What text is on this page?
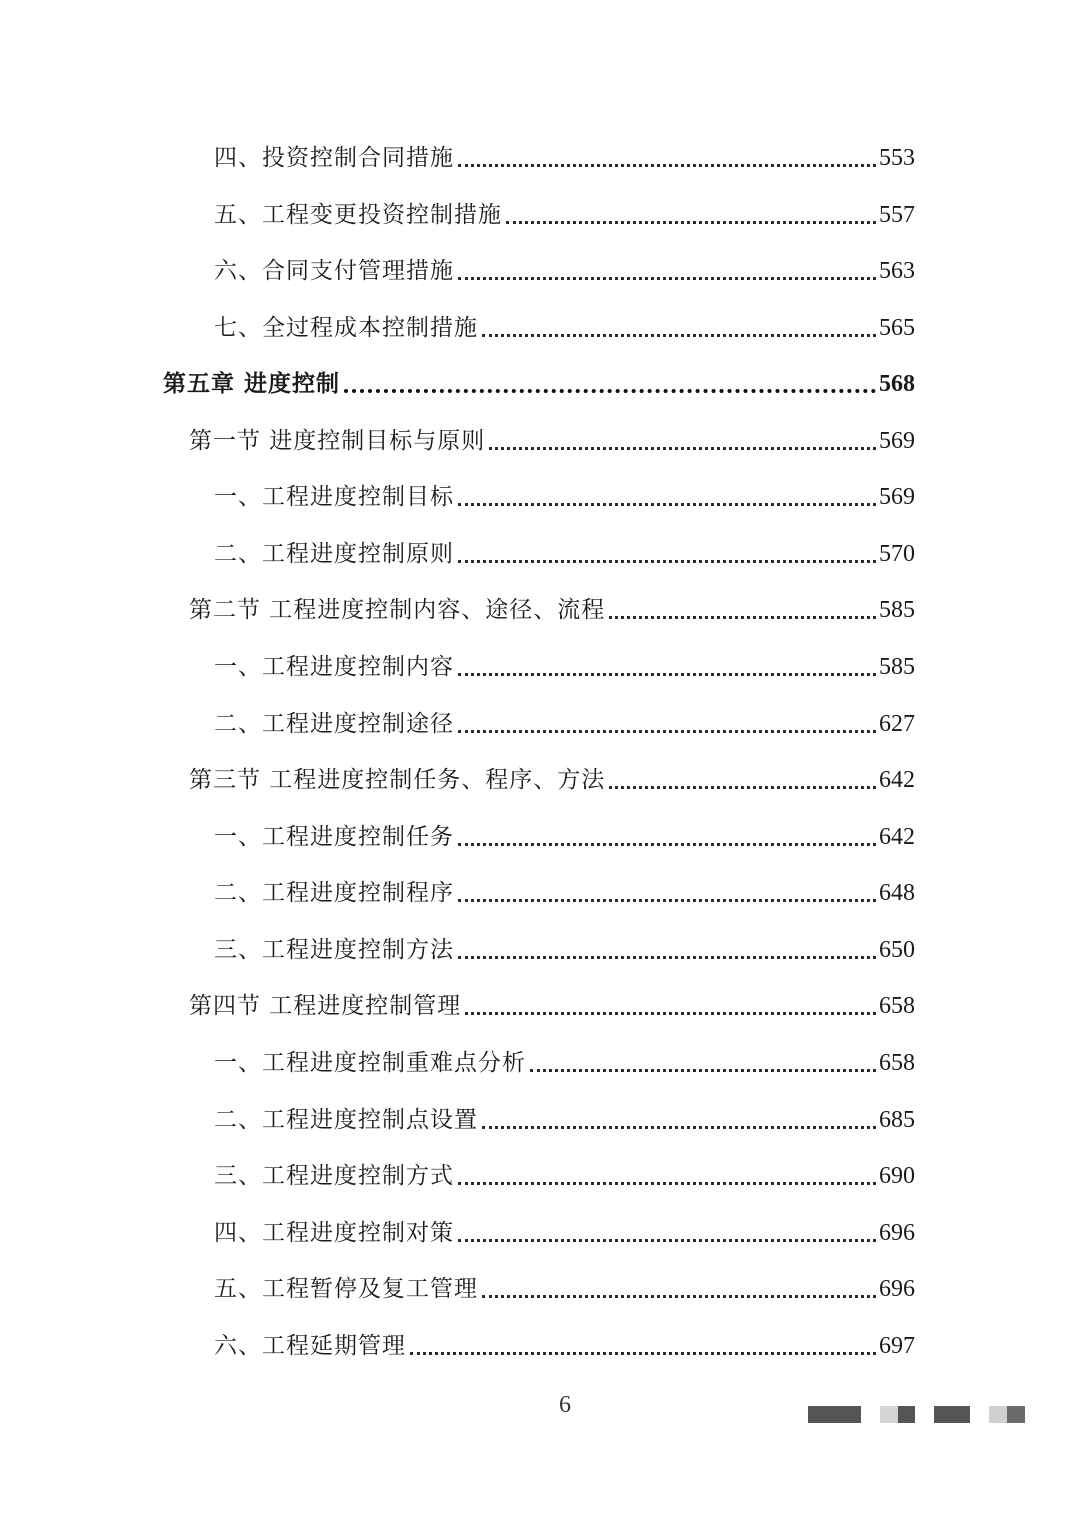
四、投资控制合同措施	553
五、工程变更投资控制措施	557
六、合同支付管理措施	563
七、全过程成本控制措施	565
第五章 进度控制	568
第一节 进度控制目标与原则	569
一、工程进度控制目标	569
二、工程进度控制原则	570
第二节 工程进度控制内容、途径、流程	585
一、工程进度控制内容	585
二、工程进度控制途径	627
第三节 工程进度控制任务、程序、方法	642
一、工程进度控制任务	642
二、工程进度控制程序	648
三、工程进度控制方法	650
第四节 工程进度控制管理	658
一、工程进度控制重难点分析	658
二、工程进度控制点设置	685
三、工程进度控制方式	690
四、工程进度控制对策	696
五、工程暂停及复工管理	696
六、工程延期管理	697
6
